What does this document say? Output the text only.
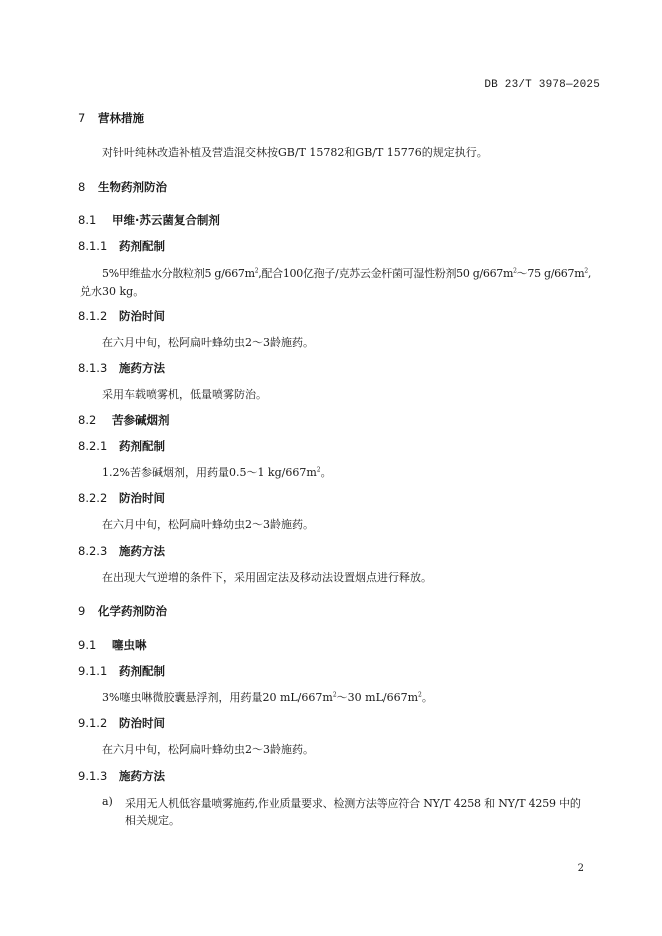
DB 23/T 3978—2025
7 营林措施
对针叶纯林改造补植及营造混交林按GB/T 15782和GB/T 15776的规定执行。
8 生物药剂防治
8.1 甲维·苏云菌复合制剂
8.1.1 药剂配制
5%甲维盐水分散粒剂5 $g/667m^2$,配合100亿孢子/克苏云金杆菌可湿性粉剂50 $g/667m^2\sim 75$ $g/667m^2$,
兑水30 kg。
8.1.2 防治时间
在六月中旬，松阿扁叶蜂幼虫2～3龄施药。
8.1.3 施药方法
采用车载喷雾机，低量喷雾防治。
8.2 苦参碱烟剂
8.2.1 药剂配制
1.2%苦参碱烟剂，用药量0.5～1 $kg/667m^2$。
8.2.2 防治时间
在六月中旬，松阿扁叶蜂幼虫2～3龄施药。
8.2.3 施药方法
在出现大气逆增的条件下，采用固定法及移动法设置烟点进行释放。
9 化学药剂防治
9.1 噻虫啉
9.1.1 药剂配制
3%噻虫啉微胶囊悬浮剂，用药量20 $mL/667m^2\sim 30$ $mL/667m^2$。
9.1.2 防治时间
在六月中旬，松阿扁叶蜂幼虫2～3龄施药。
9.1.3 施药方法
a) 采用无人机低容量喷雾施药,作业质量要求、检测方法等应符合 NY/T 4258 和 NY/T 4259 中的
相关规定。
2
